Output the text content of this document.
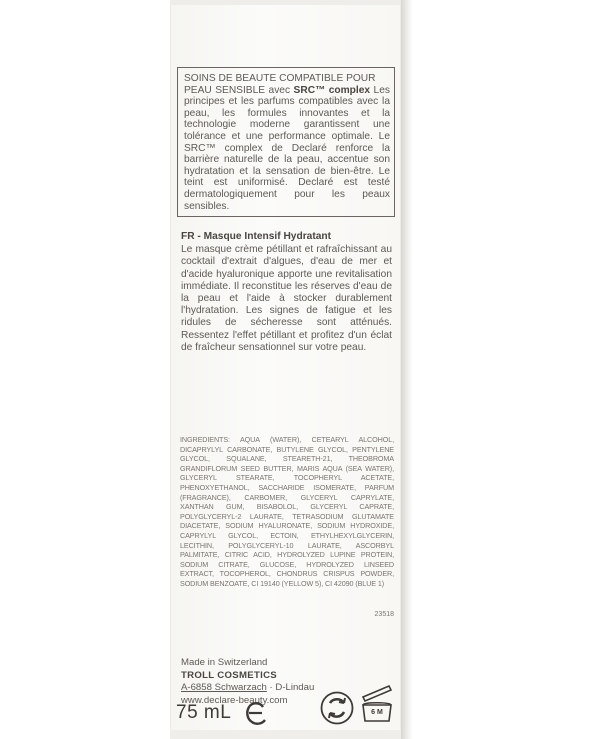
SOINS DE BEAUTE COMPATIBLE POUR
PEAU SENSIBLE avec SRC™ complex Les principes et les parfums compatibles avec la peau, les formules innovantes et la technologie moderne garantissent une tolérance et une performance optimale. Le SRC™ complex de Declaré renforce la barrière naturelle de la peau, accentue son hydratation et la sensation de bien-être. Le teint est uniformisé. Declaré est testé dermatologiquement pour les peaux sensibles.
FR - Masque Intensif Hydratant
Le masque crème pétillant et rafraîchissant au cocktail d'extrait d'algues, d'eau de mer et d'acide hyaluronique apporte une revitalisation immédiate. Il reconstitue les réserves d'eau de la peau et l'aide à stocker durablement l'hydratation. Les signes de fatigue et les ridules de sécheresse sont atténués. Ressentez l'effet pétillant et profitez d'un éclat de fraîcheur sensationnel sur votre peau.
INGREDIENTS: AQUA (WATER), CETEARYL ALCOHOL, DICAPRYLYL CARBONATE, BUTYLENE GLYCOL, PENTYLENE GLYCOL, SQUALANE, STEARETH-21, THEOBROMA GRANDIFLORUM SEED BUTTER, MARIS AQUA (SEA WATER), GLYCERYL STEARATE, TOCOPHERYL ACETATE, PHENOXYETHANOL, SACCHARIDE ISOMERATE, PARFUM (FRAGRANCE), CARBOMER, GLYCERYL CAPRYLATE, XANTHAN GUM, BISABOLOL, GLYCERYL CAPRATE, POLYGLYCERYL-2 LAURATE, TETRASODIUM GLUTAMATE DIACETATE, SODIUM HYALURONATE, SODIUM HYDROXIDE, CAPRYLYL GLYCOL, ECTOIN, ETHYLHEXYLGLYCERIN, LECITHIN, POLYGLYCERYL-10 LAURATE, ASCORBYL PALMITATE, CITRIC ACID, HYDROLYZED LUPINE PROTEIN, SODIUM CITRATE, GLUCOSE, HYDROLYZED LINSEED EXTRACT, TOCOPHEROL, CHONDRUS CRISPUS POWDER, SODIUM BENZOATE, CI 19140 (YELLOW 5), CI 42090 (BLUE 1)
23518
Made in Switzerland
TROLL COSMETICS
A-6858 Schwarzach · D-Lindau
www.declare-beauty.com
75 mL	6 M
